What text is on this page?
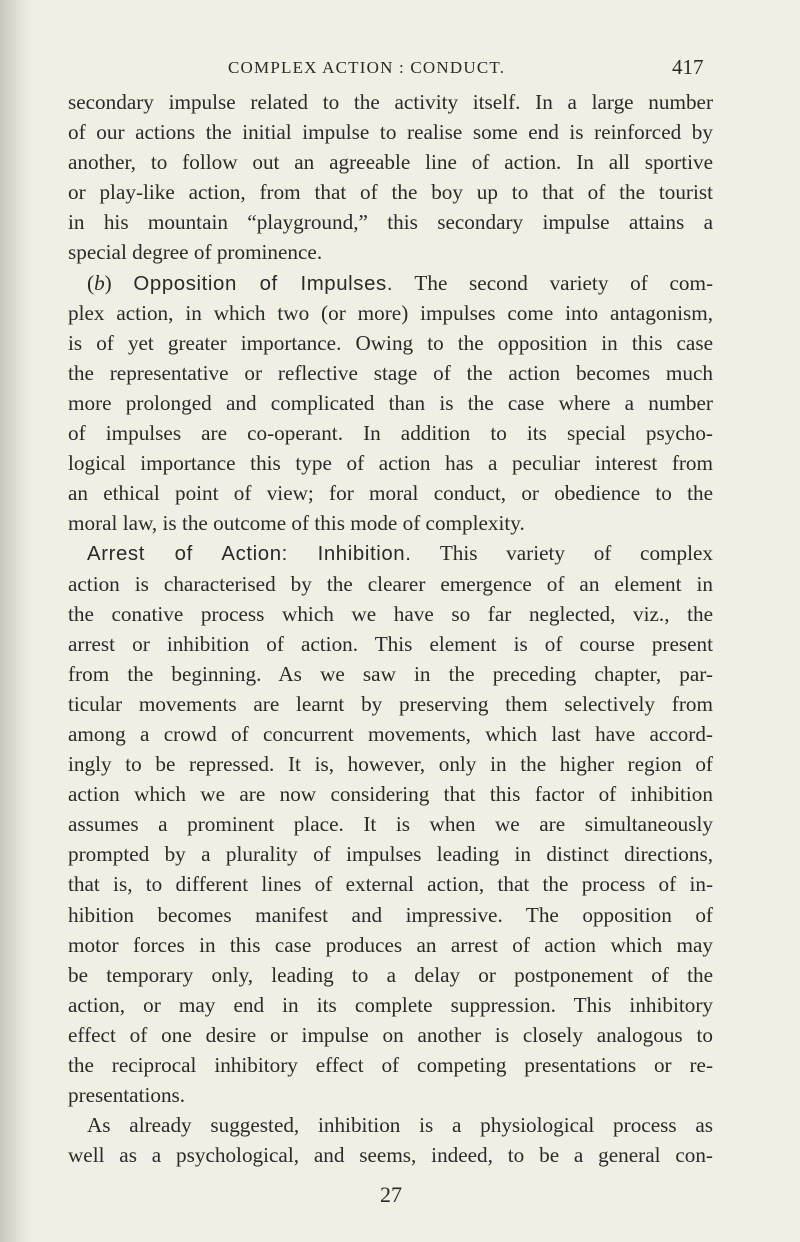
COMPLEX ACTION : CONDUCT.	417
secondary impulse related to the activity itself. In a large number
of our actions the initial impulse to realise some end is reinforced by
another, to follow out an agreeable line of action. In all sportive
or play-like action, from that of the boy up to that of the tourist
in his mountain “playground,” this secondary impulse attains a
special degree of prominence.
(b) Opposition of Impulses. The second variety of com-
plex action, in which two (or more) impulses come into antagonism,
is of yet greater importance. Owing to the opposition in this case
the representative or reflective stage of the action becomes much
more prolonged and complicated than is the case where a number
of impulses are co-operant. In addition to its special psycho-
logical importance this type of action has a peculiar interest from
an ethical point of view; for moral conduct, or obedience to the
moral law, is the outcome of this mode of complexity.
Arrest of Action: Inhibition. This variety of complex
action is characterised by the clearer emergence of an element in
the conative process which we have so far neglected, viz., the
arrest or inhibition of action. This element is of course present
from the beginning. As we saw in the preceding chapter, par-
ticular movements are learnt by preserving them selectively from
among a crowd of concurrent movements, which last have accord-
ingly to be repressed. It is, however, only in the higher region of
action which we are now considering that this factor of inhibition
assumes a prominent place. It is when we are simultaneously
prompted by a plurality of impulses leading in distinct directions,
that is, to different lines of external action, that the process of in-
hibition becomes manifest and impressive. The opposition of
motor forces in this case produces an arrest of action which may
be temporary only, leading to a delay or postponement of the
action, or may end in its complete suppression. This inhibitory
effect of one desire or impulse on another is closely analogous to
the reciprocal inhibitory effect of competing presentations or re-
presentations.
As already suggested, inhibition is a physiological process as
well as a psychological, and seems, indeed, to be a general con-
27
